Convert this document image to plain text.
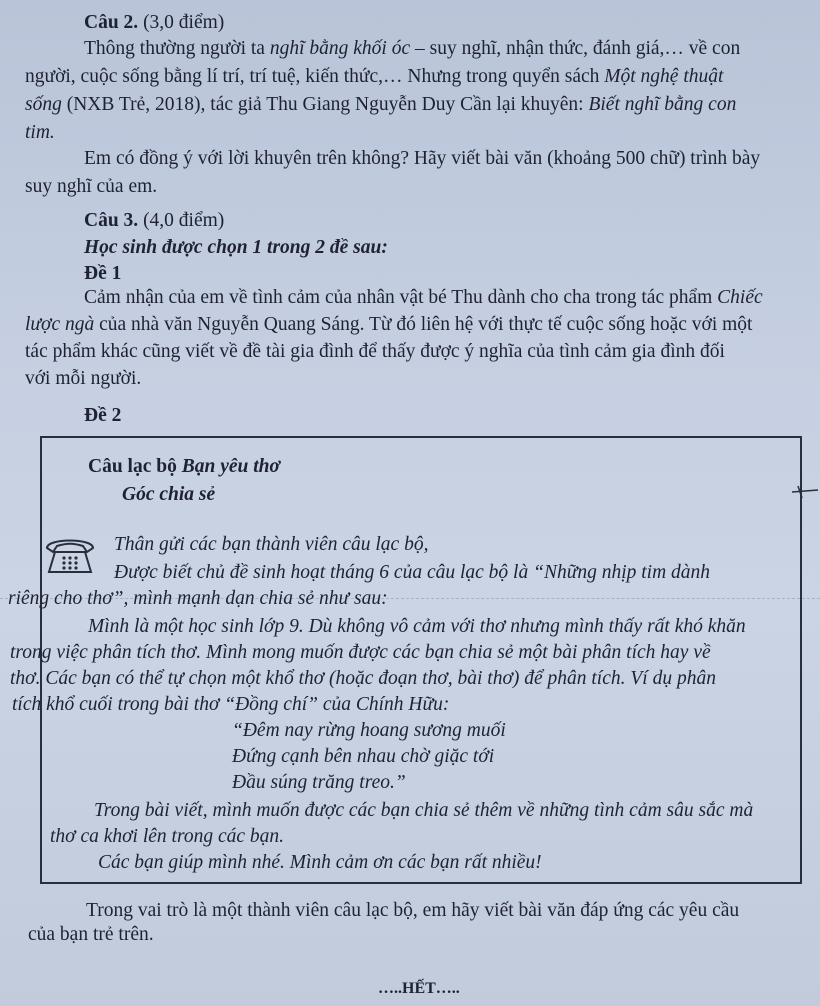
Câu 2. (3,0 điểm)

Thông thường người ta nghĩ bằng khối óc – suy nghĩ, nhận thức, đánh giá,… về con

người, cuộc sống bằng lí trí, trí tuệ, kiến thức,… Nhưng trong quyển sách Một nghệ thuật

sống (NXB Trẻ, 2018), tác giả Thu Giang Nguyễn Duy Cần lại khuyên: Biết nghĩ bằng con

tim.

Em có đồng ý với lời khuyên trên không? Hãy viết bài văn (khoảng 500 chữ) trình bày

suy nghĩ của em.

Câu 3. (4,0 điểm)

Học sinh được chọn 1 trong 2 đề sau:

Đề 1

Cảm nhận của em về tình cảm của nhân vật bé Thu dành cho cha trong tác phẩm Chiếc

lược ngà của nhà văn Nguyễn Quang Sáng. Từ đó liên hệ với thực tế cuộc sống hoặc với một

tác phẩm khác cũng viết về đề tài gia đình để thấy được ý nghĩa của tình cảm gia đình đối

với mỗi người.

Đề 2

Câu lạc bộ Bạn yêu thơ

Góc chia sẻ

Thân gửi các bạn thành viên câu lạc bộ,

Được biết chủ đề sinh hoạt tháng 6 của câu lạc bộ là “Những nhịp tim dành

riêng cho thơ”, mình mạnh dạn chia sẻ như sau:

Mình là một học sinh lớp 9. Dù không vô cảm với thơ nhưng mình thấy rất khó khăn

trong việc phân tích thơ. Mình mong muốn được các bạn chia sẻ một bài phân tích hay về

thơ. Các bạn có thể tự chọn một khổ thơ (hoặc đoạn thơ, bài thơ) để phân tích. Ví dụ phân

tích khổ cuối trong bài thơ “Đồng chí” của Chính Hữu:

“Đêm nay rừng hoang sương muối

Đứng cạnh bên nhau chờ giặc tới

Đầu súng trăng treo.”

Trong bài viết, mình muốn được các bạn chia sẻ thêm về những tình cảm sâu sắc mà

thơ ca khơi lên trong các bạn.

Các bạn giúp mình nhé. Mình cảm ơn các bạn rất nhiều!

Trong vai trò là một thành viên câu lạc bộ, em hãy viết bài văn đáp ứng các yêu cầu

của bạn trẻ trên.

…..HẾT…..
